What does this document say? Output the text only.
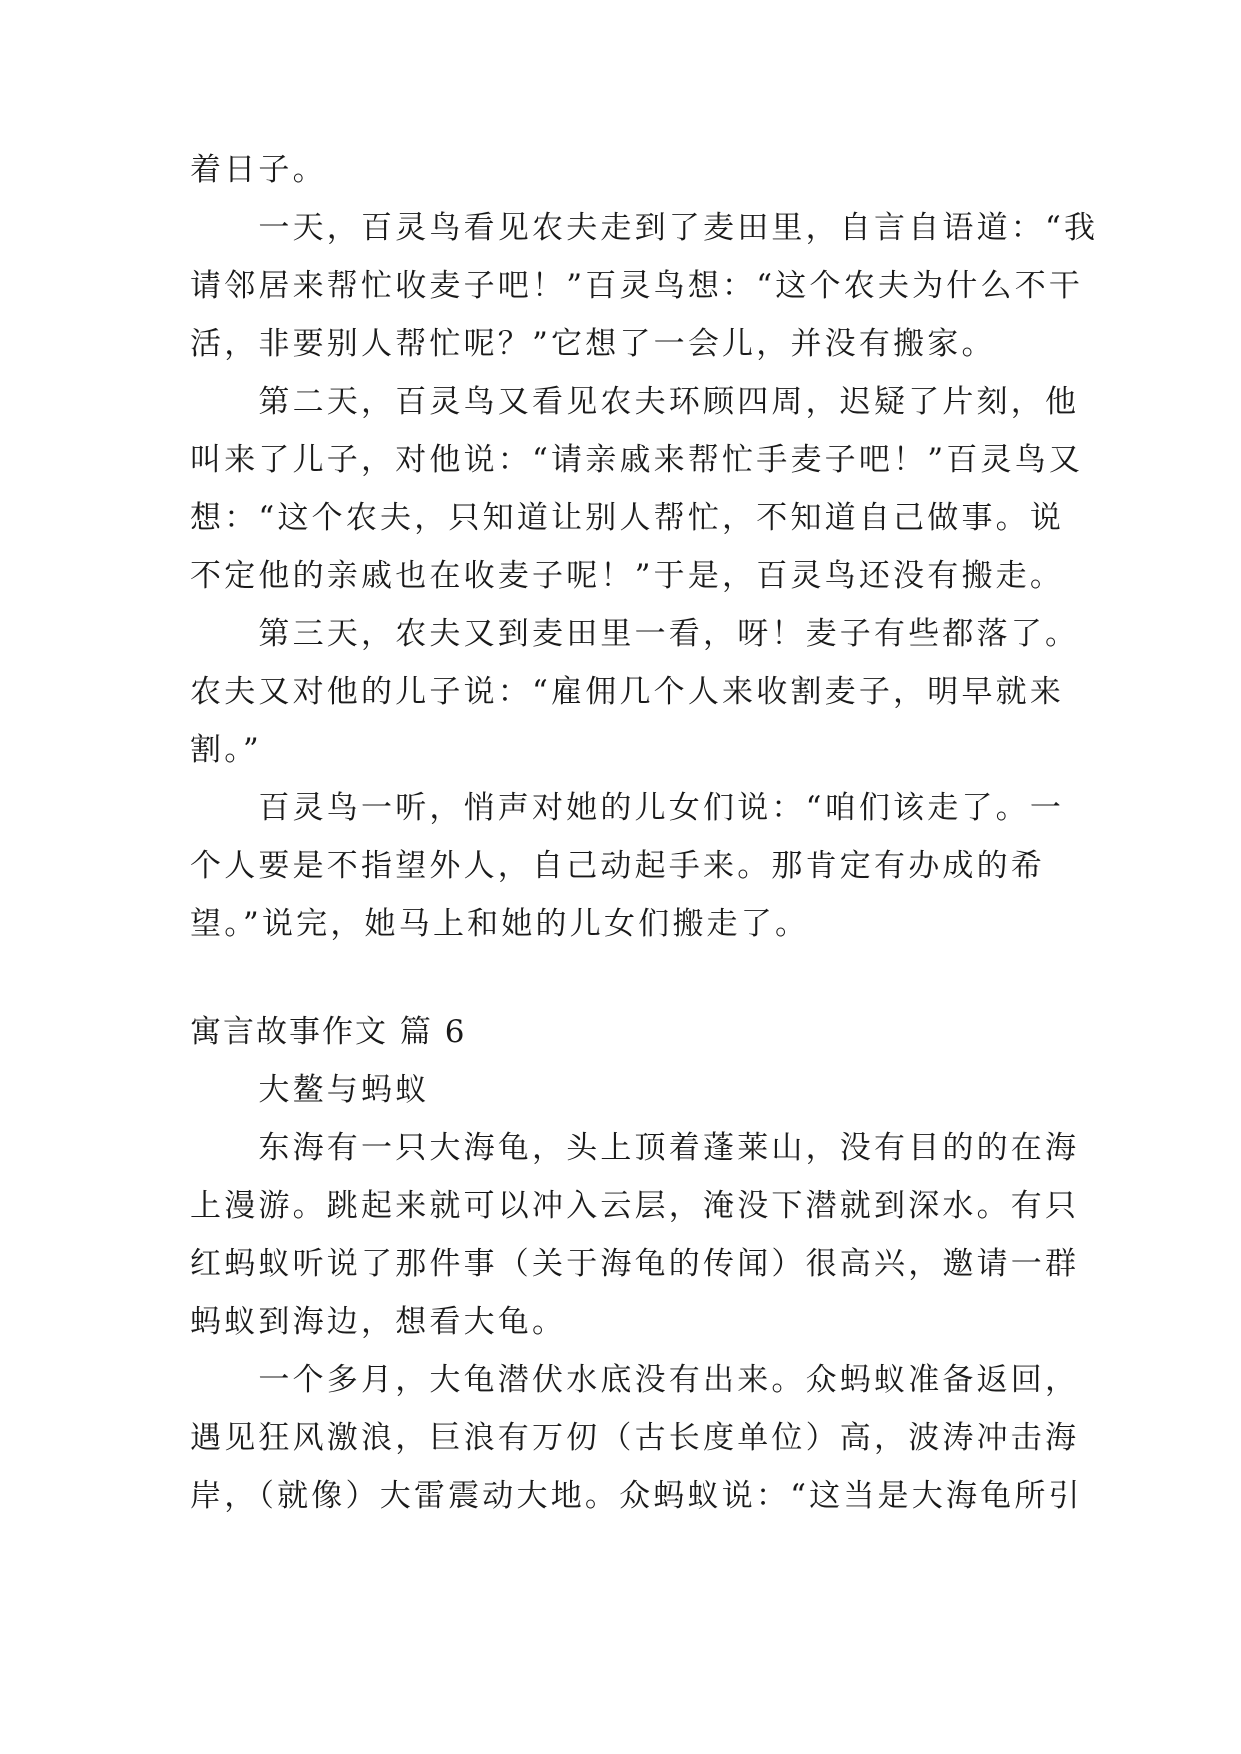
着日子。
　　一天，百灵鸟看见农夫走到了麦田里，自言自语道：“我
请邻居来帮忙收麦子吧！”百灵鸟想：“这个农夫为什么不干
活，非要别人帮忙呢？”它想了一会儿，并没有搬家。
　　第二天，百灵鸟又看见农夫环顾四周，迟疑了片刻，他
叫来了儿子，对他说：“请亲戚来帮忙手麦子吧！”百灵鸟又
想：“这个农夫，只知道让别人帮忙，不知道自己做事。说
不定他的亲戚也在收麦子呢！”于是，百灵鸟还没有搬走。
　　第三天，农夫又到麦田里一看，呀！麦子有些都落了。
农夫又对他的儿子说：“雇佣几个人来收割麦子，明早就来
割。”
　　百灵鸟一听，悄声对她的儿女们说：“咱们该走了。一
个人要是不指望外人，自己动起手来。那肯定有办成的希
望。”说完，她马上和她的儿女们搬走了。
寓言故事作文 篇 6
　　大鳌与蚂蚁
　　东海有一只大海龟，头上顶着蓬莱山，没有目的的在海
上漫游。跳起来就可以冲入云层，淹没下潜就到深水。有只
红蚂蚁听说了那件事（关于海龟的传闻）很高兴，邀请一群
蚂蚁到海边，想看大龟。
　　一个多月，大龟潜伏水底没有出来。众蚂蚁准备返回，
遇见狂风激浪，巨浪有万仞（古长度单位）高，波涛冲击海
岸，（就像）大雷震动大地。众蚂蚁说：“这当是大海龟所引
